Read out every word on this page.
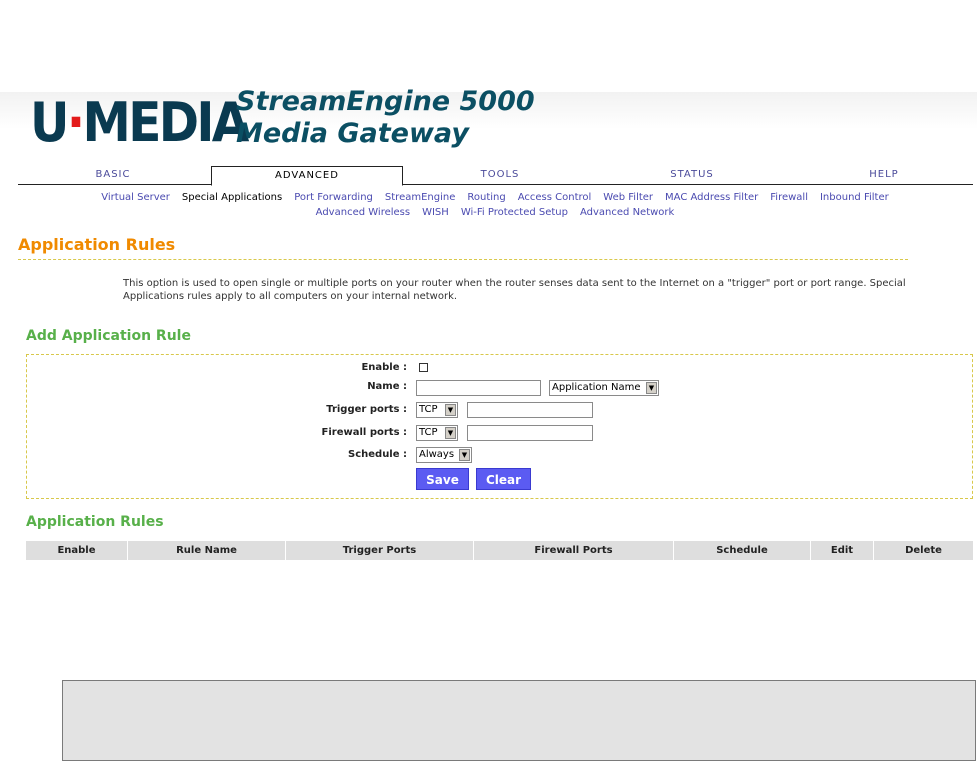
U·MEDIA
StreamEngine 5000
Media Gateway
BASIC	ADVANCED	TOOLS	STATUS	HELP
Virtual Server Special Applications Port Forwarding StreamEngine Routing Access Control Web Filter MAC Address Filter Firewall Inbound Filter
Advanced Wireless WISH Wi-Fi Protected Setup Advanced Network
Application Rules
This option is used to open single or multiple ports on your router when the router senses data sent to the Internet on a "trigger" port or port range. Special Applications rules apply to all computers on your internal network.
Add Application Rule
Enable :
Name :	Application Name	▼
Trigger ports :	TCP	▼
Firewall ports :	TCP	▼
Schedule :	Always	▼
Save	Clear
Application Rules
Enable	Rule Name	Trigger Ports	Firewall Ports	Schedule	Edit	Delete
